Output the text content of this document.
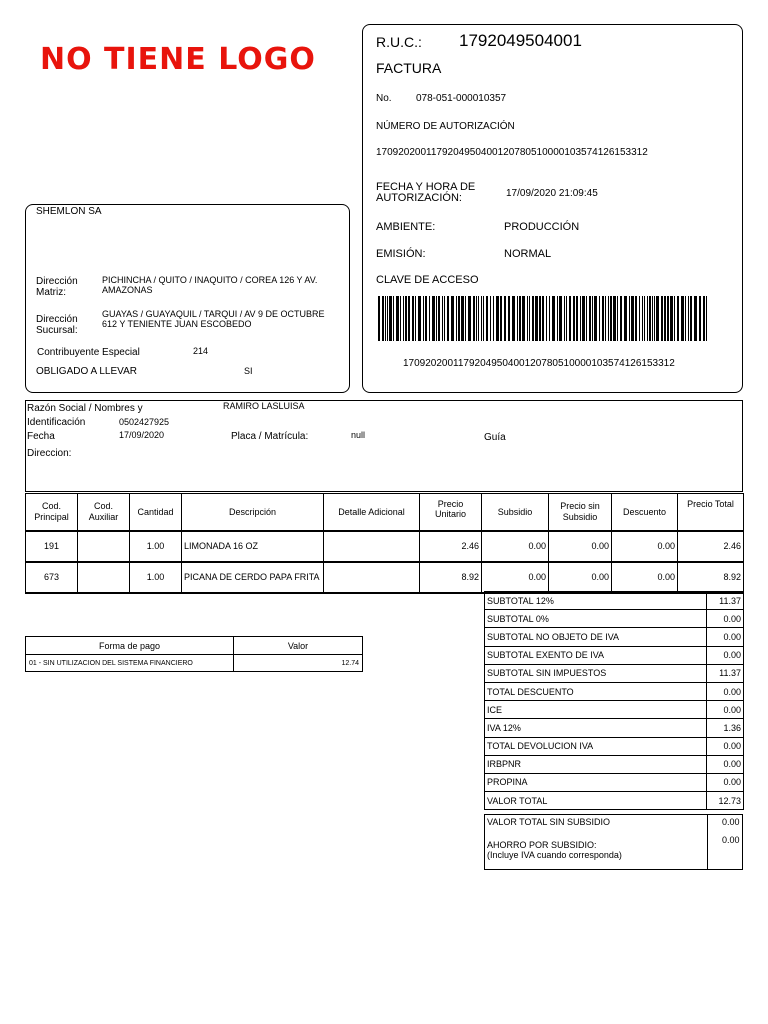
NO TIENE LOGO	R.U.C.: 1792049504001
FACTURA
No. 078-051-000010357
NÚMERO DE AUTORIZACIÓN
1709202001179204950400120780510000103574126153312
FECHA Y HORA DE AUTORIZACIÓN:	17/09/2020 21:09:45
AMBIENTE:	PRODUCCIÓN
EMISIÓN:	NORMAL
CLAVE DE ACCESO
1709202001179204950400120780510000103574126153312
SHEMLON SA
Dirección Matriz:
PICHINCHA / QUITO / INAQUITO / COREA 126 Y AV. AMAZONAS
Dirección Sucursal:
GUAYAS / GUAYAQUIL / TARQUI / AV 9 DE OCTUBRE 612 Y TENIENTE JUAN ESCOBEDO
Contribuyente Especial	214
OBLIGADO A LLEVAR	SI
Razón Social / Nombres y	RAMIRO LASLUISA
Identificación	0502427925
Fecha	17/09/2020	Placa / Matrícula:	null	Guía
Direccion:
Cod. Principal	Cod. Auxiliar	Cantidad	Descripción	Detalle Adicional	Precio Unitario	Subsidio	Precio sin Subsidio	Descuento	Precio Total
191		1.00	LIMONADA 16 OZ		2.46	0.00	0.00	0.00	2.46
673		1.00	PICANA DE CERDO PAPA FRITA		8.92	0.00	0.00	0.00	8.92
SUBTOTAL 12%	11.37
SUBTOTAL 0%	0.00
SUBTOTAL NO OBJETO DE IVA	0.00
SUBTOTAL EXENTO DE IVA	0.00
SUBTOTAL SIN IMPUESTOS	11.37
TOTAL DESCUENTO	0.00
ICE	0.00
IVA 12%	1.36
TOTAL DEVOLUCION IVA	0.00
IRBPNR	0.00
PROPINA	0.00
VALOR TOTAL	12.73
VALOR TOTAL SIN SUBSIDIO	0.00
AHORRO POR SUBSIDIO:
(Incluye IVA cuando corresponda)
0.00
Forma de pago	Valor
01 - SIN UTILIZACION DEL SISTEMA FINANCIERO	12.74
